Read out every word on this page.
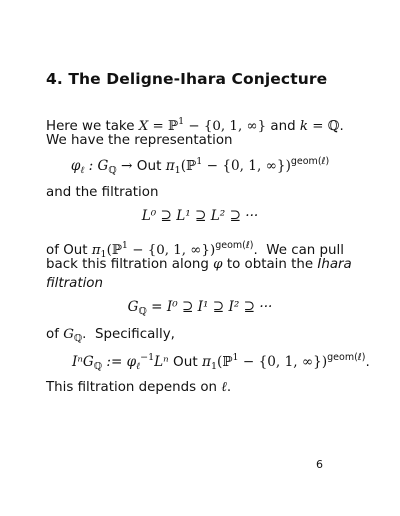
4. The Deligne-Ihara Conjecture
Here we take X = ℙ$^1$ − {0, 1, ∞} and k = ℚ.
We have the representation
$\varphi_\ell$ : $G_ℚ$ → Out $\pi_1(ℙ^1 - \{0$, 1, ∞})$^{geom(\ell)}$
and the filtration
L⁰ ⊇ L¹ ⊇ L² ⊇ ···
of Out $\pi_1(ℙ^1 - \{0$, 1, ∞})$^{geom(\ell)}$.  We can pull
back this filtration along φ to obtain the Ihara
filtration
$G_ℚ = I^0$ ⊇ I¹ ⊇ I² ⊇ ···
of $G_ℚ$.  Specifically,
IⁿG$_ℚ$ := $\varphi_\ell^{-1}L^n$ Out $\pi_1(ℙ^1 - \{0$, 1, ∞})$^{geom(\ell)}$.
This filtration depends on ℓ.
6
